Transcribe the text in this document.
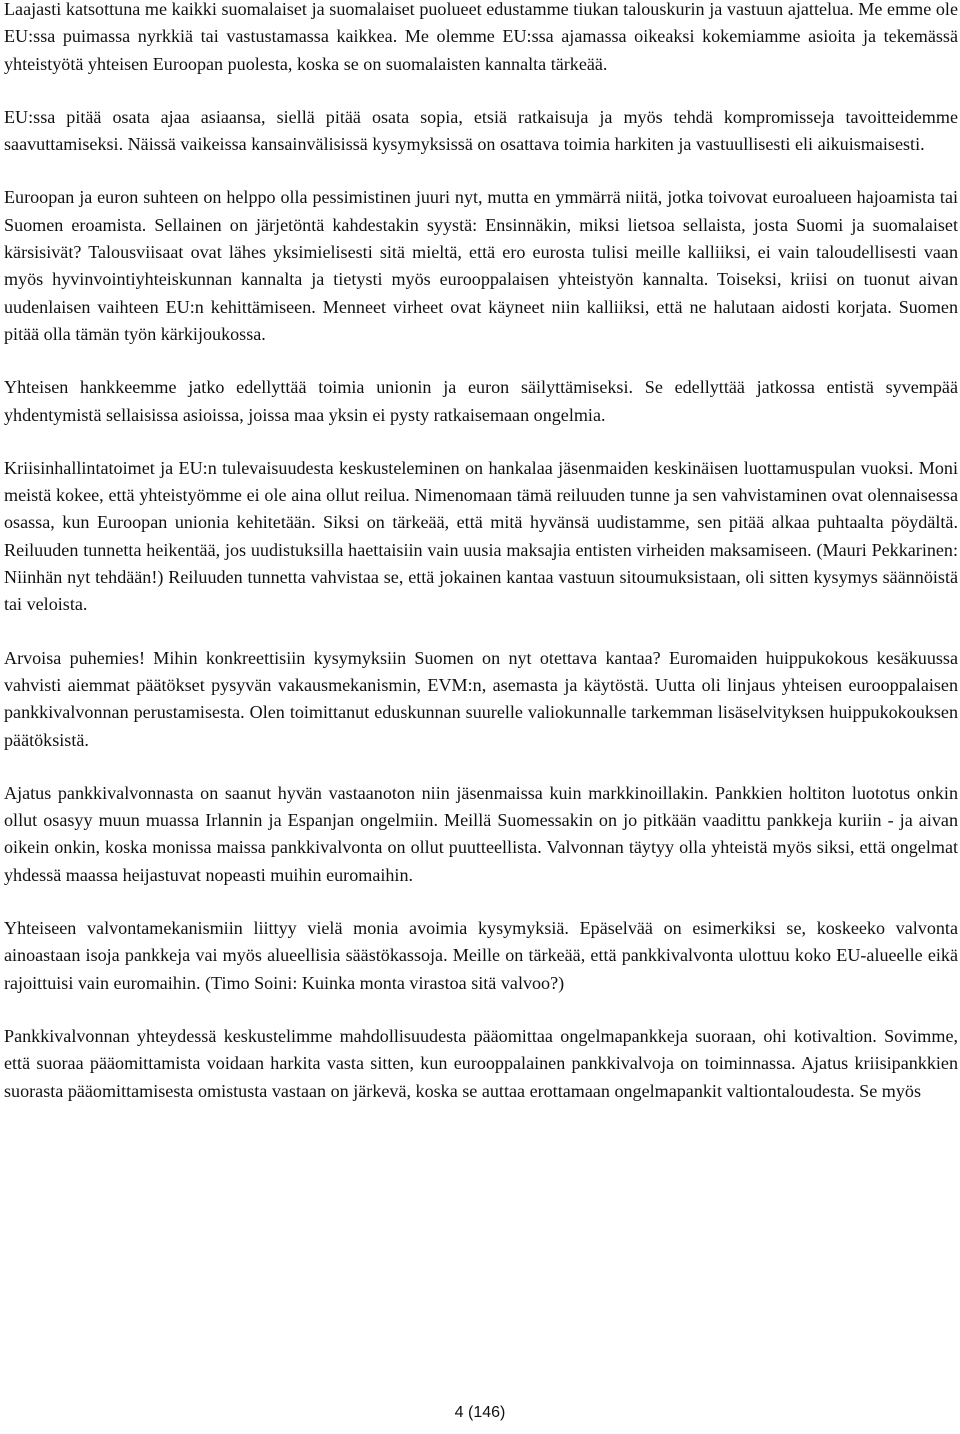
Laajasti katsottuna me kaikki suomalaiset ja suomalaiset puolueet edustamme tiukan talouskurin ja vastuun ajattelua. Me emme ole EU:ssa puimassa nyrkkiä tai vastustamassa kaikkea. Me olemme EU:ssa ajamassa oikeaksi kokemiamme asioita ja tekemässä yhteistyötä yhteisen Euroopan puolesta, koska se on suomalaisten kannalta tärkeää.

EU:ssa pitää osata ajaa asiaansa, siellä pitää osata sopia, etsiä ratkaisuja ja myös tehdä kompromisseja tavoitteidemme saavuttamiseksi. Näissä vaikeissa kansainvälisissä kysymyksissä on osattava toimia harkiten ja vastuullisesti eli aikuismaisesti.

Euroopan ja euron suhteen on helppo olla pessimistinen juuri nyt, mutta en ymmärrä niitä, jotka toivovat euroalueen hajoamista tai Suomen eroamista. Sellainen on järjetöntä kahdestakin syystä: Ensinnäkin, miksi lietsoa sellaista, josta Suomi ja suomalaiset kärsisivät? Talousviisaat ovat lähes yksimielisesti sitä mieltä, että ero eurosta tulisi meille kalliiksi, ei vain taloudellisesti vaan myös hyvinvointiyhteiskunnan kannalta ja tietysti myös eurooppalaisen yhteistyön kannalta. Toiseksi, kriisi on tuonut aivan uudenlaisen vaihteen EU:n kehittämiseen. Menneet virheet ovat käyneet niin kalliiksi, että ne halutaan aidosti korjata. Suomen pitää olla tämän työn kärkijoukossa.

Yhteisen hankkeemme jatko edellyttää toimia unionin ja euron säilyttämiseksi. Se edellyttää jatkossa entistä syvempää yhdentymistä sellaisissa asioissa, joissa maa yksin ei pysty ratkaisemaan ongelmia.

Kriisinhallintatoimet ja EU:n tulevaisuudesta keskusteleminen on hankalaa jäsenmaiden keskinäisen luottamuspulan vuoksi. Moni meistä kokee, että yhteistyömme ei ole aina ollut reilua. Nimenomaan tämä reiluuden tunne ja sen vahvistaminen ovat olennaisessa osassa, kun Euroopan unionia kehitetään. Siksi on tärkeää, että mitä hyvänsä uudistamme, sen pitää alkaa puhtaalta pöydältä. Reiluuden tunnetta heikentää, jos uudistuksilla haettaisiin vain uusia maksajia entisten virheiden maksamiseen. (Mauri Pekkarinen: Niinhän nyt tehdään!) Reiluuden tunnetta vahvistaa se, että jokainen kantaa vastuun sitoumuksistaan, oli sitten kysymys säännöistä tai veloista.

Arvoisa puhemies! Mihin konkreettisiin kysymyksiin Suomen on nyt otettava kantaa? Euromaiden huippukokous kesäkuussa vahvisti aiemmat päätökset pysyvän vakausmekanismin, EVM:n, asemasta ja käytöstä. Uutta oli linjaus yhteisen eurooppalaisen pankkivalvonnan perustamisesta. Olen toimittanut eduskunnan suurelle valiokunnalle tarkemman lisäselvityksen huippukokouksen päätöksistä.

Ajatus pankkivalvonnasta on saanut hyvän vastaanoton niin jäsenmaissa kuin markkinoillakin. Pankkien holtiton luototus onkin ollut osasyy muun muassa Irlannin ja Espanjan ongelmiin. Meillä Suomessakin on jo pitkään vaadittu pankkeja kuriin - ja aivan oikein onkin, koska monissa maissa pankkivalvonta on ollut puutteellista. Valvonnan täytyy olla yhteistä myös siksi, että ongelmat yhdessä maassa heijastuvat nopeasti muihin euromaihin.

Yhteiseen valvontamekanismiin liittyy vielä monia avoimia kysymyksiä. Epäselvää on esimerkiksi se, koskeeko valvonta ainoastaan isoja pankkeja vai myös alueellisia säästökassoja. Meille on tärkeää, että pankkivalvonta ulottuu koko EU-alueelle eikä rajoittuisi vain euromaihin. (Timo Soini: Kuinka monta virastoa sitä valvoo?)

Pankkivalvonnan yhteydessä keskustelimme mahdollisuudesta pääomittaa ongelmapankkeja suoraan, ohi kotivaltion. Sovimme, että suoraa pääomittamista voidaan harkita vasta sitten, kun eurooppalainen pankkivalvoja on toiminnassa. Ajatus kriisipankkien suorasta pääomittamisesta omistusta vastaan on järkevä, koska se auttaa erottamaan ongelmapankit valtiontaloudesta. Se myös

4 (146)
